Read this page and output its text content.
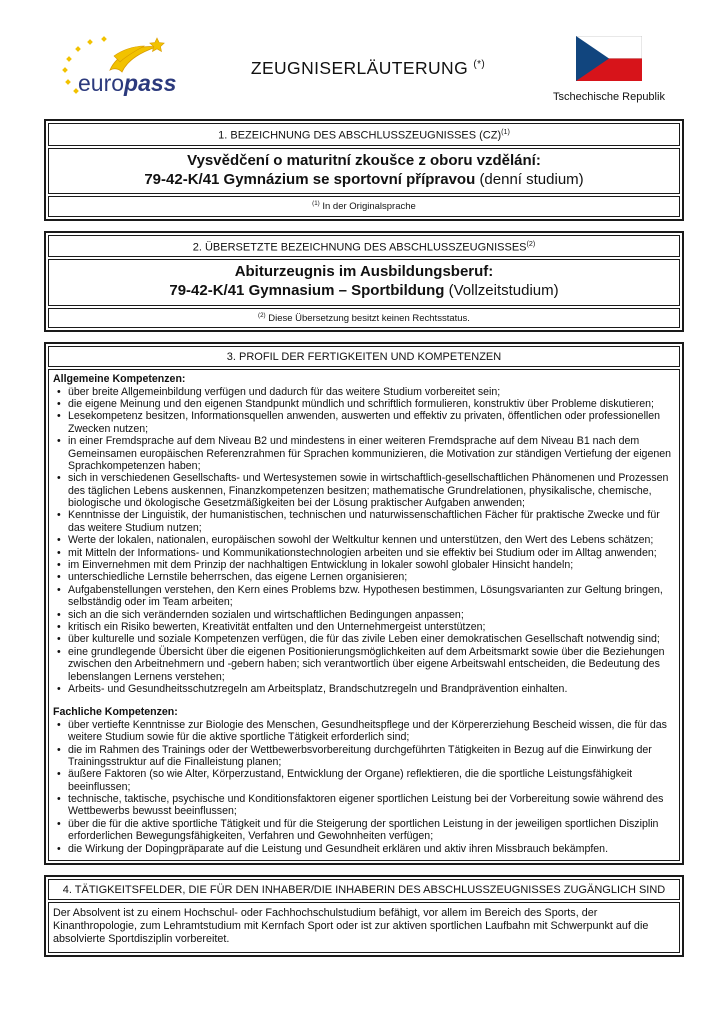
europass
ZEUGNISERLÄUTERUNG (*)
Tschechische Republik
1. BEZEICHNUNG DES ABSCHLUSSZEUGNISSES (CZ)$^{(1)}$
Vysvědčení o maturitní zkoušce z oboru vzdělání:
79-42-K/41 Gymnázium se sportovní přípravou (denní studium)
$^{(1)}$ In der Originalsprache
2. ÜBERSETZTE BEZEICHNUNG DES ABSCHLUSSZEUGNISSES$^{(2)}$
Abiturzeugnis im Ausbildungsberuf:
79-42-K/41 Gymnasium – Sportbildung (Vollzeitstudium)
$^{(2)}$ Diese Übersetzung besitzt keinen Rechtsstatus.
3. PROFIL DER FERTIGKEITEN UND KOMPETENZEN
Allgemeine Kompetenzen:
• über breite Allgemeinbildung verfügen und dadurch für das weitere Studium vorbereitet sein;
• die eigene Meinung und den eigenen Standpunkt mündlich und schriftlich formulieren, konstruktiv über Probleme diskutieren;
• Lesekompetenz besitzen, Informationsquellen anwenden, auswerten und effektiv zu privaten, öffentlichen oder professionellen Zwecken nutzen;
• in einer Fremdsprache auf dem Niveau B2 und mindestens in einer weiteren Fremdsprache auf dem Niveau B1 nach dem Gemeinsamen europäischen Referenzrahmen für Sprachen kommunizieren, die Motivation zur ständigen Vertiefung der eigenen Sprachkompetenzen haben;
• sich in verschiedenen Gesellschafts- und Wertesystemen sowie in wirtschaftlich-gesellschaftlichen Phänomenen und Prozessen des täglichen Lebens auskennen, Finanzkompetenzen besitzen; mathematische Grundrelationen, physikalische, chemische, biologische und ökologische Gesetzmäßigkeiten bei der Lösung praktischer Aufgaben anwenden;
• Kenntnisse der Linguistik, der humanistischen, technischen und naturwissenschaftlichen Fächer für praktische Zwecke und für das weitere Studium nutzen;
• Werte der lokalen, nationalen, europäischen sowohl der Weltkultur kennen und unterstützen, den Wert des Lebens schätzen;
• mit Mitteln der Informations- und Kommunikationstechnologien arbeiten und sie effektiv bei Studium oder im Alltag anwenden;
• im Einvernehmen mit dem Prinzip der nachhaltigen Entwicklung in lokaler sowohl globaler Hinsicht handeln;
• unterschiedliche Lernstile beherrschen, das eigene Lernen organisieren;
• Aufgabenstellungen verstehen, den Kern eines Problems bzw. Hypothesen bestimmen, Lösungsvarianten zur Geltung bringen, selbständig oder im Team arbeiten;
• sich an die sich verändernden sozialen und wirtschaftlichen Bedingungen anpassen;
• kritisch ein Risiko bewerten, Kreativität entfalten und den Unternehmergeist unterstützen;
• über kulturelle und soziale Kompetenzen verfügen, die für das zivile Leben einer demokratischen Gesellschaft notwendig sind;
• eine grundlegende Übersicht über die eigenen Positionierungsmöglichkeiten auf dem Arbeitsmarkt sowie über die Beziehungen zwischen den Arbeitnehmern und -gebern haben; sich verantwortlich über eigene Arbeitswahl entscheiden, die Bedeutung des lebenslangen Lernens verstehen;
• Arbeits- und Gesundheitsschutzregeln am Arbeitsplatz, Brandschutzregeln und Brandprävention einhalten.
Fachliche Kompetenzen:
• über vertiefte Kenntnisse zur Biologie des Menschen, Gesundheitspflege und der Körpererziehung Bescheid wissen, die für das weitere Studium sowie für die aktive sportliche Tätigkeit erforderlich sind;
• die im Rahmen des Trainings oder der Wettbewerbsvorbereitung durchgeführten Tätigkeiten in Bezug auf die Einwirkung der Trainingsstruktur auf die Finalleistung planen;
• äußere Faktoren (so wie Alter, Körperzustand, Entwicklung der Organe) reflektieren, die die sportliche Leistungsfähigkeit beeinflussen;
• technische, taktische, psychische und Konditionsfaktoren eigener sportlichen Leistung bei der Vorbereitung sowie während des Wettbewerbs bewusst beeinflussen;
• über die für die aktive sportliche Tätigkeit und für die Steigerung der sportlichen Leistung in der jeweiligen sportlichen Disziplin erforderlichen Bewegungsfähigkeiten, Verfahren und Gewohnheiten verfügen;
• die Wirkung der Dopingpräparate auf die Leistung und Gesundheit erklären und aktiv ihren Missbrauch bekämpfen.
4. TÄTIGKEITSFELDER, DIE FÜR DEN INHABER/DIE INHABERIN DES ABSCHLUSSZEUGNISSES ZUGÄNGLICH SIND
Der Absolvent ist zu einem Hochschul- oder Fachhochschulstudium befähigt, vor allem im Bereich des Sports, der Kinanthropologie, zum Lehramtstudium mit Kernfach Sport oder ist zur aktiven sportlichen Laufbahn mit Schwerpunkt auf die absolvierte Sportdisziplin vorbereitet.
